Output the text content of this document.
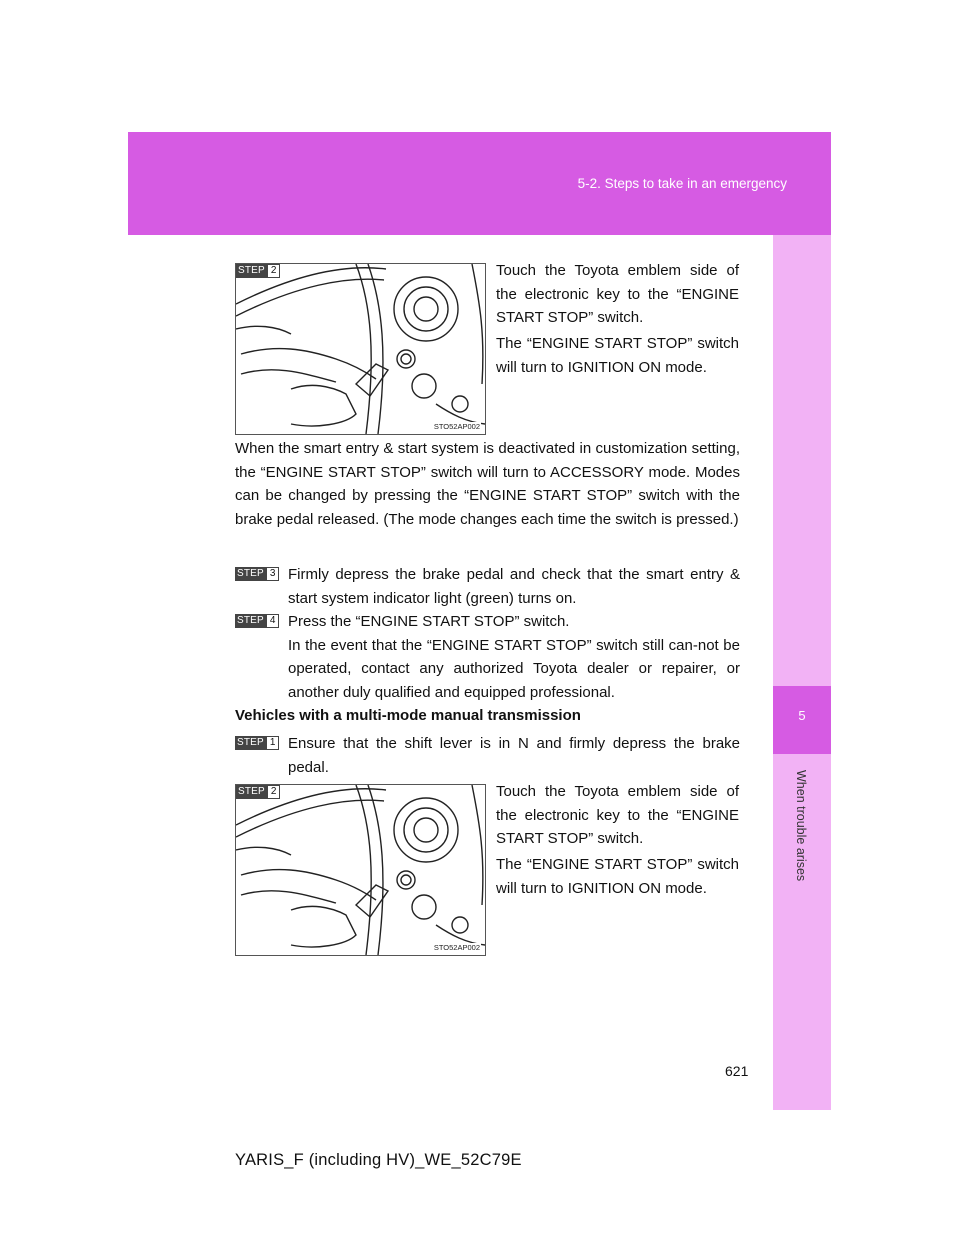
5-2. Steps to take in an emergency
5
When trouble arises
STEP 2
STO52AP002
Touch the Toyota emblem side of the electronic key to the “ENGINE START STOP” switch.
The “ENGINE START STOP” switch will turn to IGNITION ON mode.
When the smart entry & start system is deactivated in customization setting, the “ENGINE START STOP” switch will turn to ACCESSORY mode. Modes can be changed by pressing the “ENGINE START STOP” switch with the brake pedal released. (The mode changes each time the switch is pressed.)
STEP 3 Firmly depress the brake pedal and check that the smart entry & start system indicator light (green) turns on.
STEP 4 Press the “ENGINE START STOP” switch.
In the event that the “ENGINE START STOP” switch still can-not be operated, contact any authorized Toyota dealer or repairer, or another duly qualified and equipped professional.
Vehicles with a multi-mode manual transmission
STEP 1 Ensure that the shift lever is in N and firmly depress the brake pedal.
STEP 2
STO52AP002
Touch the Toyota emblem side of the electronic key to the “ENGINE START STOP” switch.
The “ENGINE START STOP” switch will turn to IGNITION ON mode.
621
YARIS_F (including HV)_WE_52C79E
